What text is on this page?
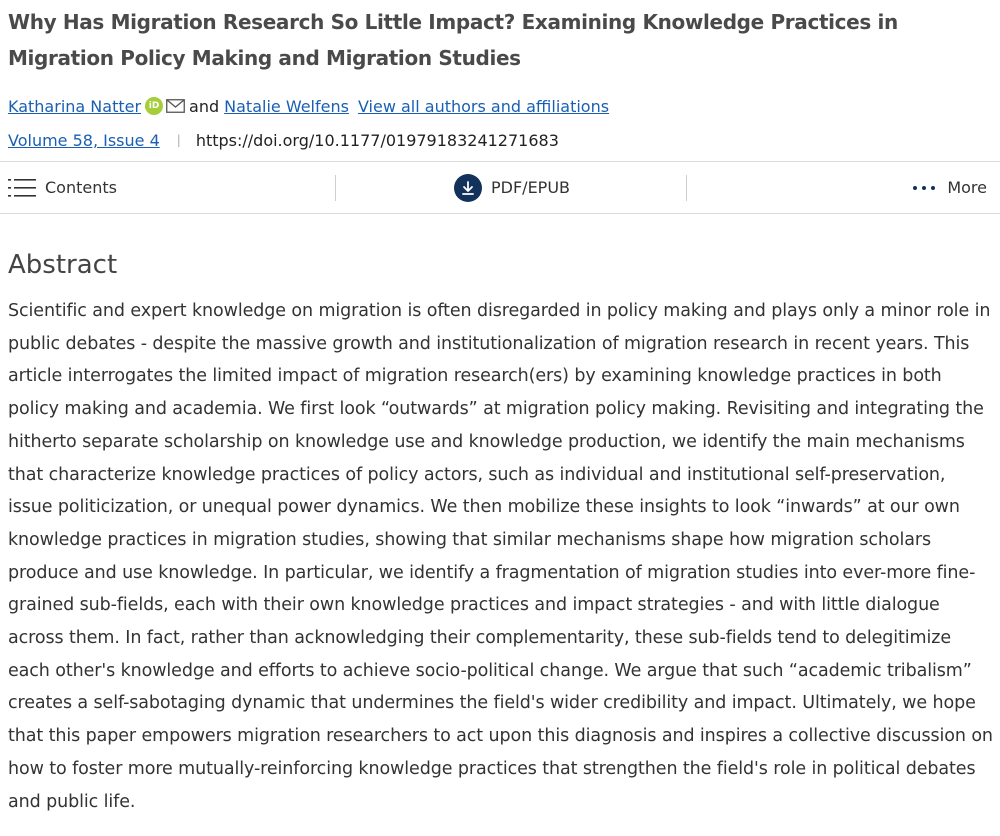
Why Has Migration Research So Little Impact? Examining Knowledge Practices in Migration Policy Making and Migration Studies
Katharina Natter iD and Natalie Welfens View all authors and affiliations
Volume 58, Issue 4 | https://doi.org/10.1177/01979183241271683
Contents	PDF/EPUB	More
Abstract

Scientific and expert knowledge on migration is often disregarded in policy making and plays only a minor role in public debates - despite the massive growth and institutionalization of migration research in recent years. This article interrogates the limited impact of migration research(ers) by examining knowledge practices in both policy making and academia. We first look “outwards” at migration policy making. Revisiting and integrating the hitherto separate scholarship on knowledge use and knowledge production, we identify the main mechanisms that characterize knowledge practices of policy actors, such as individual and institutional self-preservation, issue politicization, or unequal power dynamics. We then mobilize these insights to look “inwards” at our own knowledge practices in migration studies, showing that similar mechanisms shape how migration scholars produce and use knowledge. In particular, we identify a fragmentation of migration studies into ever-more fine-grained sub-fields, each with their own knowledge practices and impact strategies - and with little dialogue across them. In fact, rather than acknowledging their complementarity, these sub-fields tend to delegitimize each other's knowledge and efforts to achieve socio-political change. We argue that such “academic tribalism” creates a self-sabotaging dynamic that undermines the field's wider credibility and impact. Ultimately, we hope that this paper empowers migration researchers to act upon this diagnosis and inspires a collective discussion on how to foster more mutually-reinforcing knowledge practices that strengthen the field's role in political debates and public life.
